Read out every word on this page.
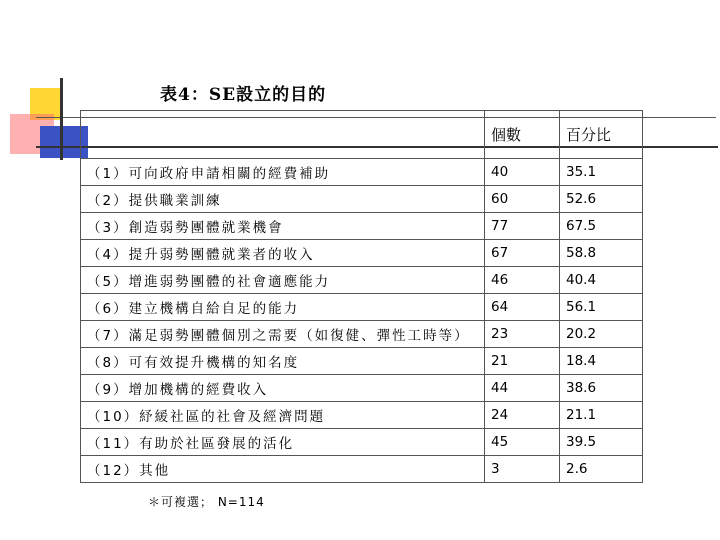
表4：SE設立的目的
	個數	百分比
（1）可向政府申請相關的經費補助	40	35.1
（2）提供職業訓練	60	52.6
（3）創造弱勢團體就業機會	77	67.5
（4）提升弱勢團體就業者的收入	67	58.8
（5）增進弱勢團體的社會適應能力	46	40.4
（6）建立機構自給自足的能力	64	56.1
（7）滿足弱勢團體個別之需要（如復健、彈性工時等）	23	20.2
（8）可有效提升機構的知名度	21	18.4
（9）增加機構的經費收入	44	38.6
（10）紓緩社區的社會及經濟問題	24	21.1
（11）有助於社區發展的活化	45	39.5
（12）其他	3	2.6
＊可複選； N=114
